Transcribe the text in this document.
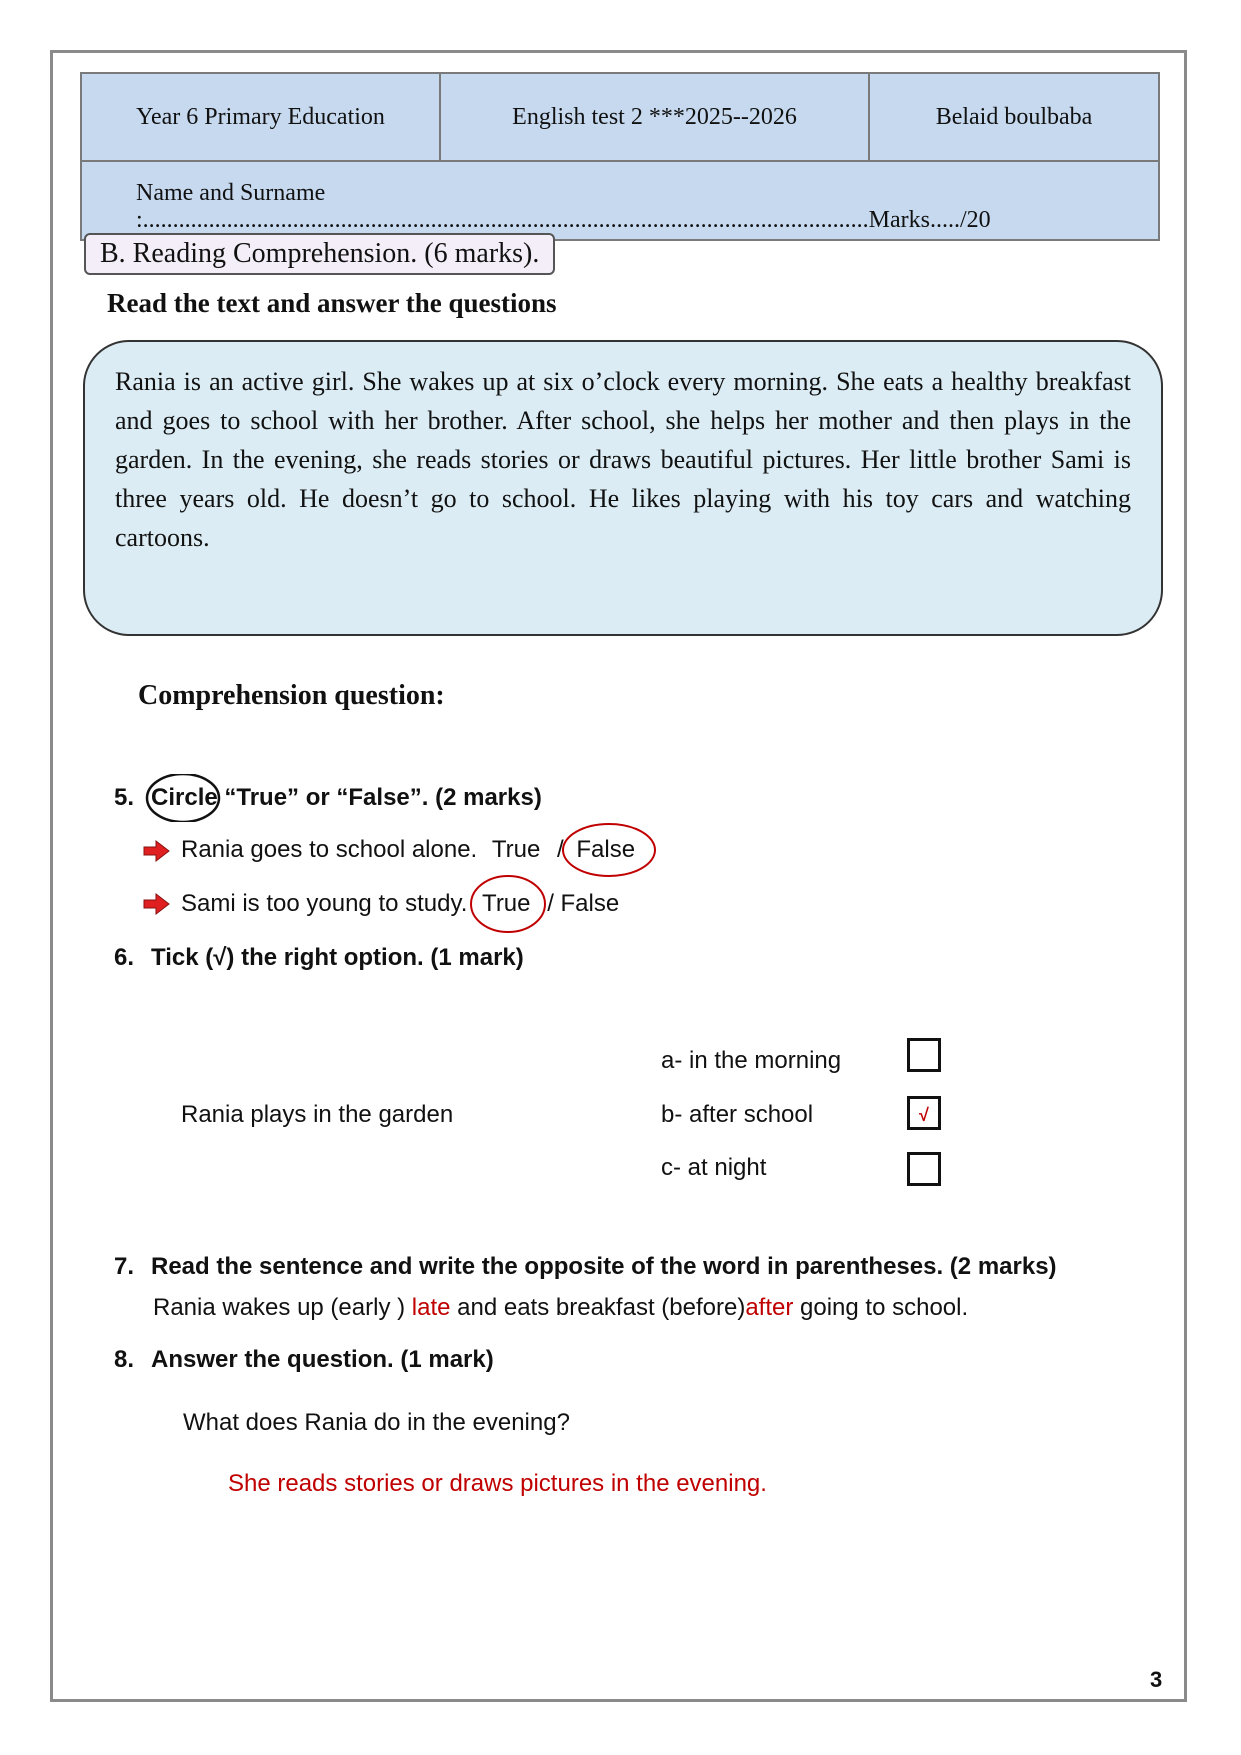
Year 6 Primary Education	English test 2 ***2025--2026	Belaid boulbaba
Name and Surname :.........................................................................................................................Marks...../20
B. Reading Comprehension. (6 marks).
Read the text and answer the questions

Rania is an active girl. She wakes up at six o’clock every morning. She eats a healthy breakfast and goes to school with her brother. After school, she helps her mother and then plays in the garden. In the evening, she reads stories or draws beautiful pictures. Her little brother Sami is three years old. He doesn’t go to school. He likes playing with his toy cars and watching cartoons.

Comprehension question:
5. Circle
“True” or “False”. (2 marks)
Rania goes to school alone. True / False
Sami is too young to study. True / False
6. Tick (√) the right option. (1 mark)
Rania plays in the garden
a- in the morning
b- after school	√
c- at night
7. Read the sentence and write the opposite of the word in parentheses. (2 marks)
Rania wakes up (early ) late and eats breakfast (before)after going to school.
8. Answer the question. (1 mark)
What does Rania do in the evening?
She reads stories or draws pictures in the evening.
3
